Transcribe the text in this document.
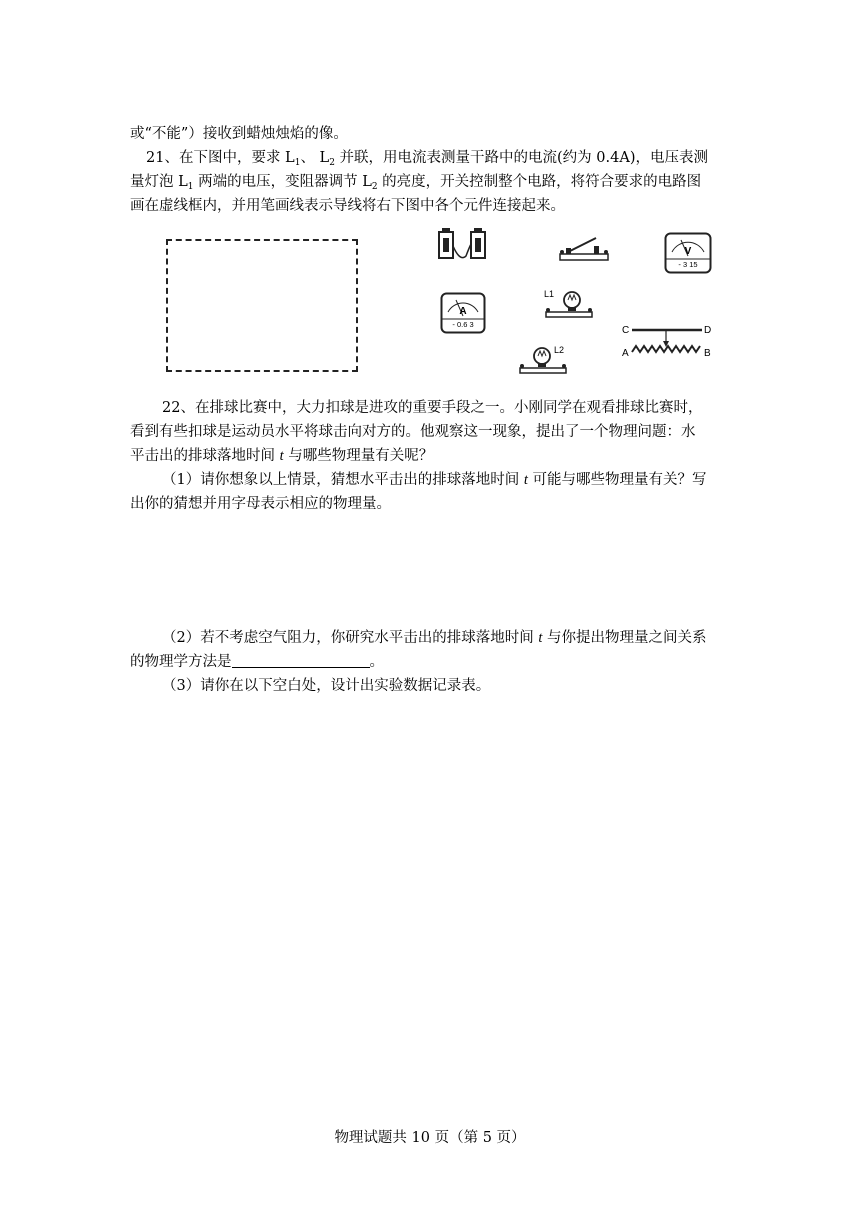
或“不能”）接收到蜡烛烛焰的像。
21、在下图中，要求 $L_1$、 $L_2$ 并联，用电流表测量干路中的电流(约为 0.4A)，电压表测
量灯泡 $L_1$ 两端的电压，变阻器调节 $L_2$ 的亮度，开关控制整个电路，将符合要求的电路图
画在虚线框内，并用笔画线表示导线将右下图中各个元件连接起来。
V
- 3 15
A
- 0.6 3
L1
L2
C	D
A	B
22、在排球比赛中，大力扣球是进攻的重要手段之一。小刚同学在观看排球比赛时，
看到有些扣球是运动员水平将球击向对方的。他观察这一现象，提出了一个物理问题：水
平击出的排球落地时间 t 与哪些物理量有关呢？
（1）请你想象以上情景，猜想水平击出的排球落地时间 t 可能与哪些物理量有关？写
出你的猜想并用字母表示相应的物理量。
（2）若不考虑空气阻力，你研究水平击出的排球落地时间 t 与你提出物理量之间关系
的物理学方法是	。
（3）请你在以下空白处，设计出实验数据记录表。
物理试题共 10 页（第 5 页）
